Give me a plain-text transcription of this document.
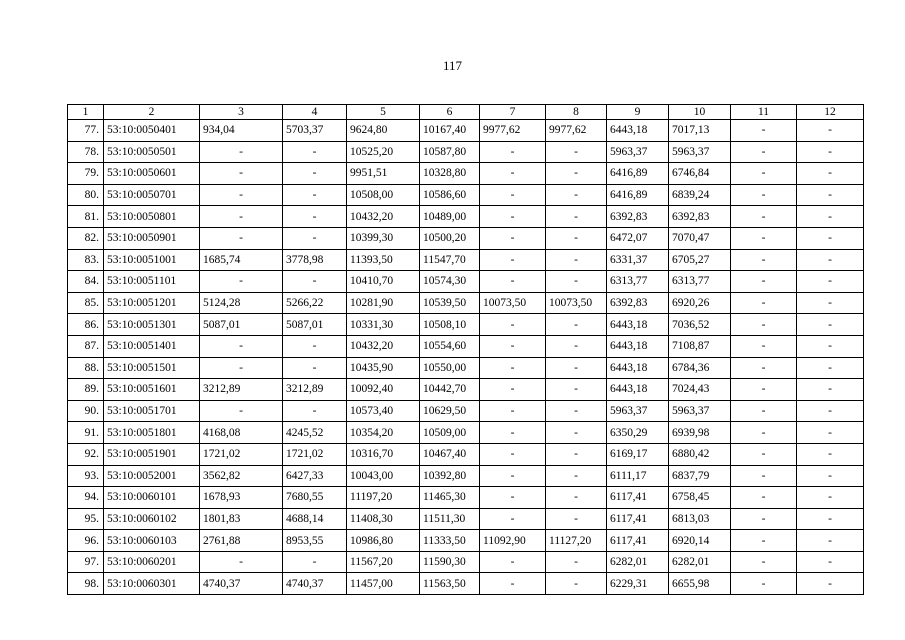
117
1	2	3	4	5	6	7	8	9	10	11	12
77.	53:10:0050401	934,04	5703,37	9624,80	10167,40	9977,62	9977,62	6443,18	7017,13	-	-
78.	53:10:0050501	-	-	10525,20	10587,80	-	-	5963,37	5963,37	-	-
79.	53:10:0050601	-	-	9951,51	10328,80	-	-	6416,89	6746,84	-	-
80.	53:10:0050701	-	-	10508,00	10586,60	-	-	6416,89	6839,24	-	-
81.	53:10:0050801	-	-	10432,20	10489,00	-	-	6392,83	6392,83	-	-
82.	53:10:0050901	-	-	10399,30	10500,20	-	-	6472,07	7070,47	-	-
83.	53:10:0051001	1685,74	3778,98	11393,50	11547,70	-	-	6331,37	6705,27	-	-
84.	53:10:0051101	-	-	10410,70	10574,30	-	-	6313,77	6313,77	-	-
85.	53:10:0051201	5124,28	5266,22	10281,90	10539,50	10073,50	10073,50	6392,83	6920,26	-	-
86.	53:10:0051301	5087,01	5087,01	10331,30	10508,10	-	-	6443,18	7036,52	-	-
87.	53:10:0051401	-	-	10432,20	10554,60	-	-	6443,18	7108,87	-	-
88.	53:10:0051501	-	-	10435,90	10550,00	-	-	6443,18	6784,36	-	-
89.	53:10:0051601	3212,89	3212,89	10092,40	10442,70	-	-	6443,18	7024,43	-	-
90.	53:10:0051701	-	-	10573,40	10629,50	-	-	5963,37	5963,37	-	-
91.	53:10:0051801	4168,08	4245,52	10354,20	10509,00	-	-	6350,29	6939,98	-	-
92.	53:10:0051901	1721,02	1721,02	10316,70	10467,40	-	-	6169,17	6880,42	-	-
93.	53:10:0052001	3562,82	6427,33	10043,00	10392,80	-	-	6111,17	6837,79	-	-
94.	53:10:0060101	1678,93	7680,55	11197,20	11465,30	-	-	6117,41	6758,45	-	-
95.	53:10:0060102	1801,83	4688,14	11408,30	11511,30	-	-	6117,41	6813,03	-	-
96.	53:10:0060103	2761,88	8953,55	10986,80	11333,50	11092,90	11127,20	6117,41	6920,14	-	-
97.	53:10:0060201	-	-	11567,20	11590,30	-	-	6282,01	6282,01	-	-
98.	53:10:0060301	4740,37	4740,37	11457,00	11563,50	-	-	6229,31	6655,98	-	-
